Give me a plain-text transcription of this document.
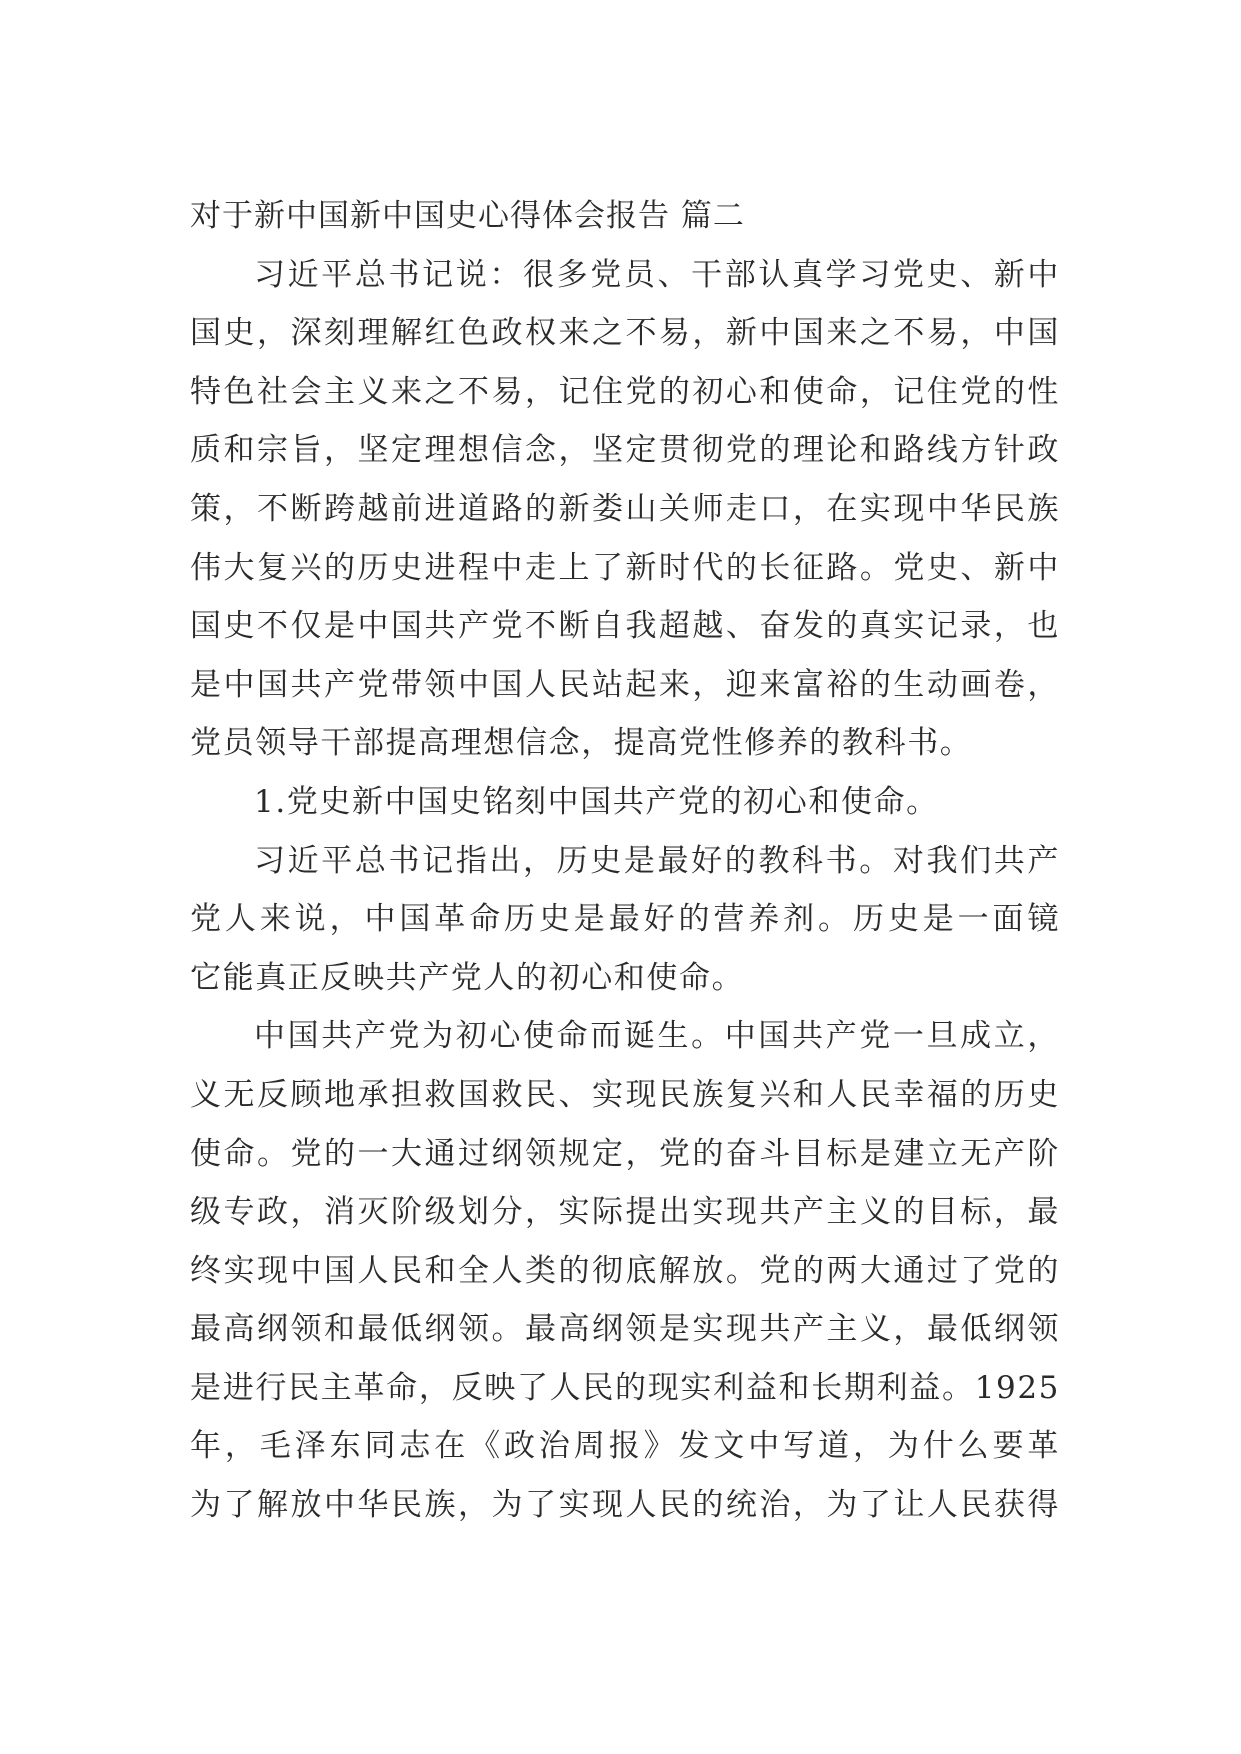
对于新中国新中国史心得体会报告 篇二
习近平总书记说：很多党员、干部认真学习党史、新中
国史，深刻理解红色政权来之不易，新中国来之不易，中国
特色社会主义来之不易，记住党的初心和使命，记住党的性
质和宗旨，坚定理想信念，坚定贯彻党的理论和路线方针政
策，不断跨越前进道路的新娄山关师走口，在实现中华民族
伟大复兴的历史进程中走上了新时代的长征路。党史、新中
国史不仅是中国共产党不断自我超越、奋发的真实记录，也
是中国共产党带领中国人民站起来，迎来富裕的生动画卷，
党员领导干部提高理想信念，提高党性修养的教科书。
1.党史新中国史铭刻中国共产党的初心和使命。
习近平总书记指出，历史是最好的教科书。对我们共产
党人来说，中国革命历史是最好的营养剂。历史是一面镜
它能真正反映共产党人的初心和使命。
中国共产党为初心使命而诞生。中国共产党一旦成立，
义无反顾地承担救国救民、实现民族复兴和人民幸福的历史
使命。党的一大通过纲领规定，党的奋斗目标是建立无产阶
级专政，消灭阶级划分，实际提出实现共产主义的目标，最
终实现中国人民和全人类的彻底解放。党的两大通过了党的
最高纲领和最低纲领。最高纲领是实现共产主义，最低纲领
是进行民主革命，反映了人民的现实利益和长期利益。1925
年，毛泽东同志在《政治周报》发文中写道，为什么要革
为了解放中华民族，为了实现人民的统治，为了让人民获得
